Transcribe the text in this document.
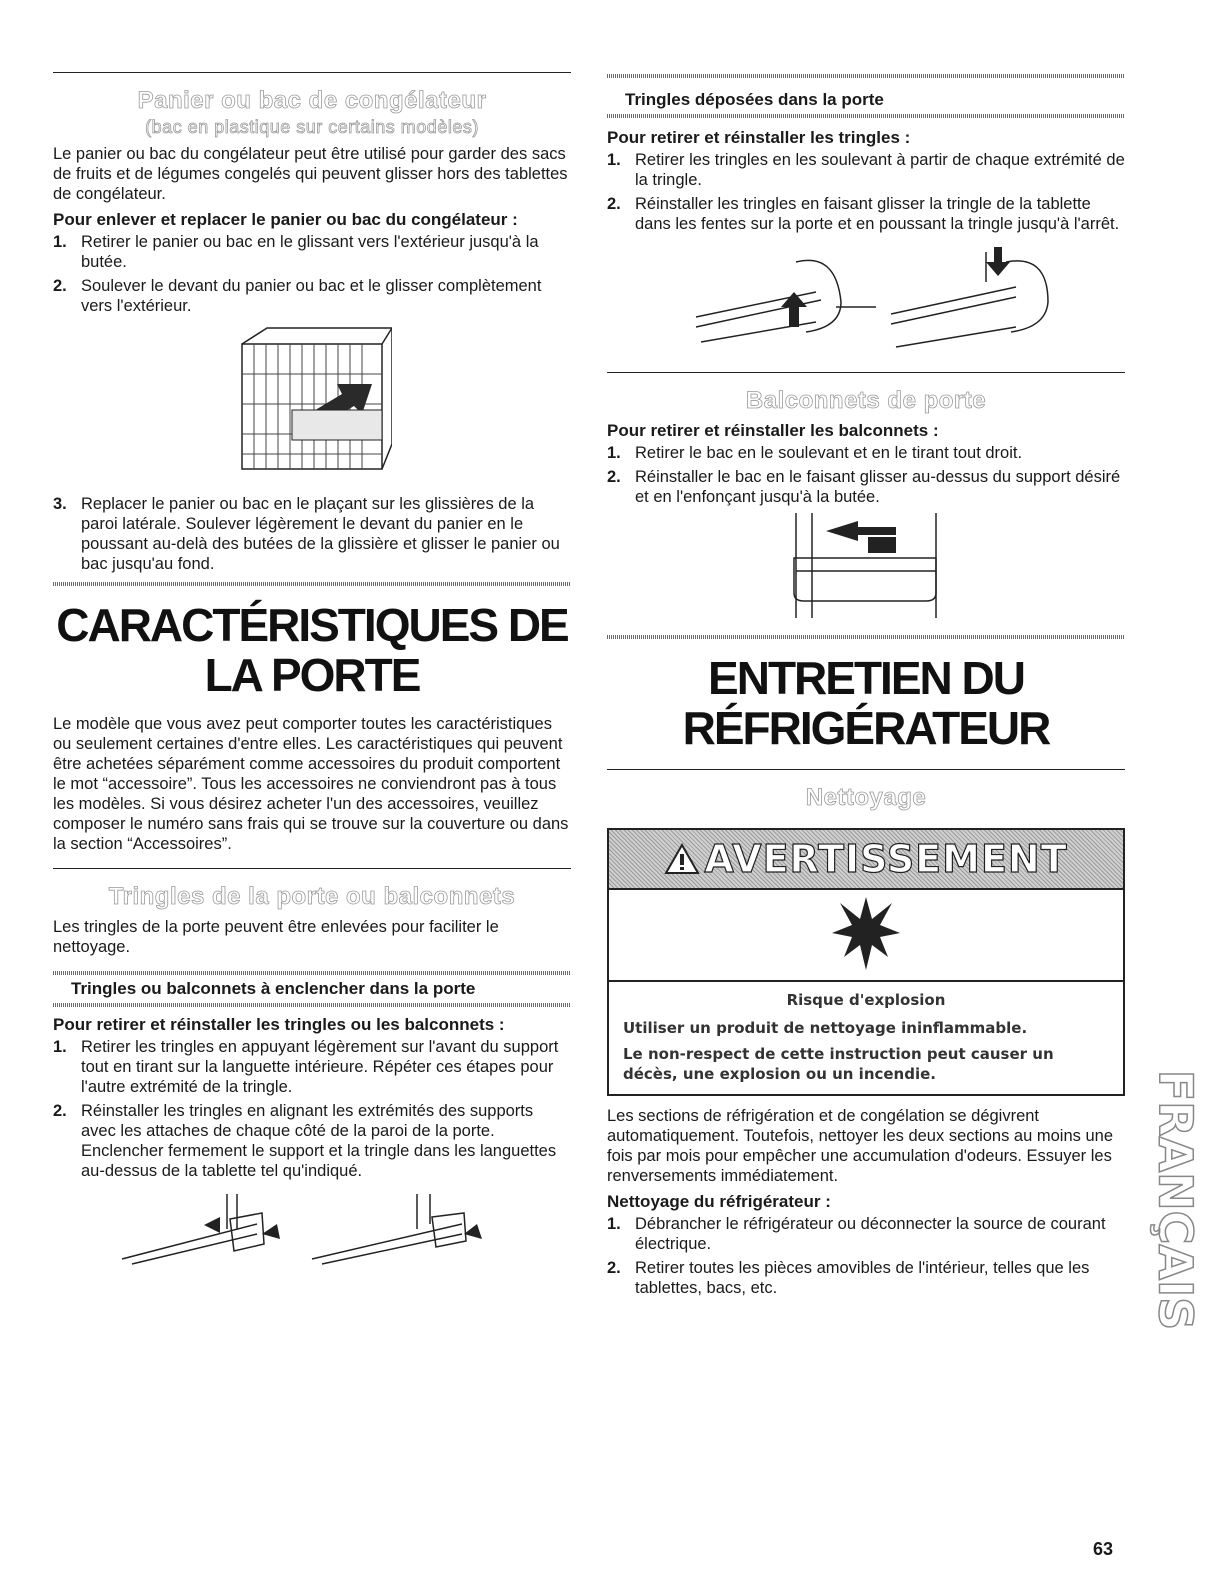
Panier ou bac de congélateur
(bac en plastique sur certains modèles)

Le panier ou bac du congélateur peut être utilisé pour garder des sacs de fruits et de légumes congelés qui peuvent glisser hors des tablettes de congélateur.

Pour enlever et replacer le panier ou bac du congélateur :
1. Retirer le panier ou bac en le glissant vers l'extérieur jusqu'à la butée.
2. Soulever le devant du panier ou bac et le glisser complètement vers l'extérieur.
3. Replacer le panier ou bac en le plaçant sur les glissières de la paroi latérale. Soulever légèrement le devant du panier en le poussant au-delà des butées de la glissière et glisser le panier ou bac jusqu'au fond.
CARACTÉRISTIQUES DE
LA PORTE

Le modèle que vous avez peut comporter toutes les caractéristiques ou seulement certaines d'entre elles. Les caractéristiques qui peuvent être achetées séparément comme accessoires du produit comportent le mot “accessoire”. Tous les accessoires ne conviendront pas à tous les modèles. Si vous désirez acheter l'un des accessoires, veuillez composer le numéro sans frais qui se trouve sur la couverture ou dans la section “Accessoires”.

Tringles de la porte ou balconnets

Les tringles de la porte peuvent être enlevées pour faciliter le nettoyage.

Tringles ou balconnets à enclencher dans la porte
Pour retirer et réinstaller les tringles ou les balconnets :
1. Retirer les tringles en appuyant légèrement sur l'avant du support tout en tirant sur la languette intérieure. Répéter ces étapes pour l'autre extrémité de la tringle.
2. Réinstaller les tringles en alignant les extrémités des supports avec les attaches de chaque côté de la paroi de la porte. Enclencher fermement le support et la tringle dans les languettes au-dessus de la tablette tel qu'indiqué.
Tringles déposées dans la porte
Pour retirer et réinstaller les tringles :
1. Retirer les tringles en les soulevant à partir de chaque extrémité de la tringle.
2. Réinstaller les tringles en faisant glisser la tringle de la tablette dans les fentes sur la porte et en poussant la tringle jusqu'à l'arrêt.
Balconnets de porte
Pour retirer et réinstaller les balconnets :
1. Retirer le bac en le soulevant et en le tirant tout droit.
2. Réinstaller le bac en le faisant glisser au-dessus du support désiré et en l'enfonçant jusqu'à la butée.
ENTRETIEN DU
RÉFRIGÉRATEUR
Nettoyage
AVERTISSEMENT

Risque d'explosion

Utiliser un produit de nettoyage ininflammable.

Le non-respect de cette instruction peut causer un décès, une explosion ou un incendie.

Les sections de réfrigération et de congélation se dégivrent automatiquement. Toutefois, nettoyer les deux sections au moins une fois par mois pour empêcher une accumulation d'odeurs. Essuyer les renversements immédiatement.

Nettoyage du réfrigérateur :
1. Débrancher le réfrigérateur ou déconnecter la source de courant électrique.
2. Retirer toutes les pièces amovibles de l'intérieur, telles que les tablettes, bacs, etc.	FRANÇAIS
63
